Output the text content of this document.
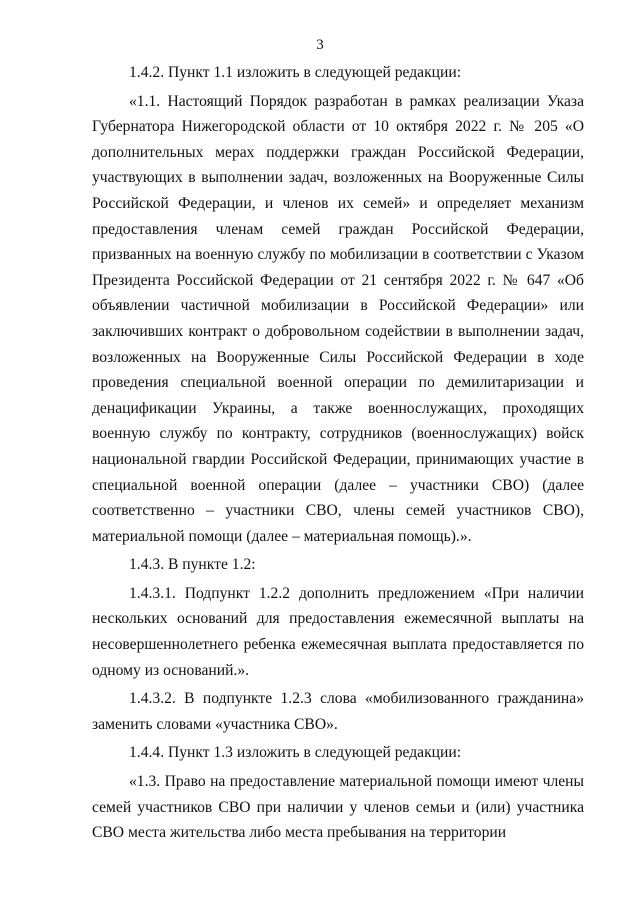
3

1.4.2. Пункт 1.1 изложить в следующей редакции:

«1.1. Настоящий Порядок разработан в рамках реализации Указа Губернатора Нижегородской области от 10 октября 2022 г. № 205 «О дополнительных мерах поддержки граждан Российской Федерации, участвующих в выполнении задач, возложенных на Вооруженные Силы Российской Федерации, и членов их семей» и определяет механизм предоставления членам семей граждан Российской Федерации, призванных на военную службу по мобилизации в соответствии с Указом Президента Российской Федерации от 21 сентября 2022 г. № 647 «Об объявлении частичной мобилизации в Российской Федерации» или заключивших контракт о добровольном содействии в выполнении задач, возложенных на Вооруженные Силы Российской Федерации в ходе проведения специальной военной операции по демилитаризации и денацификации Украины, а также военнослужащих, проходящих военную службу по контракту, сотрудников (военнослужащих) войск национальной гвардии Российской Федерации, принимающих участие в специальной военной операции (далее – участники СВО) (далее соответственно – участники СВО, члены семей участников СВО), материальной помощи (далее – материальная помощь).».

1.4.3. В пункте 1.2:

1.4.3.1. Подпункт 1.2.2 дополнить предложением «При наличии нескольких оснований для предоставления ежемесячной выплаты на несовершеннолетнего ребенка ежемесячная выплата предоставляется по одному из оснований.».

1.4.3.2. В подпункте 1.2.3 слова «мобилизованного гражданина» заменить словами «участника СВО».

1.4.4. Пункт 1.3 изложить в следующей редакции:

«1.3. Право на предоставление материальной помощи имеют члены семей участников СВО при наличии у членов семьи и (или) участника СВО места жительства либо места пребывания на территории
